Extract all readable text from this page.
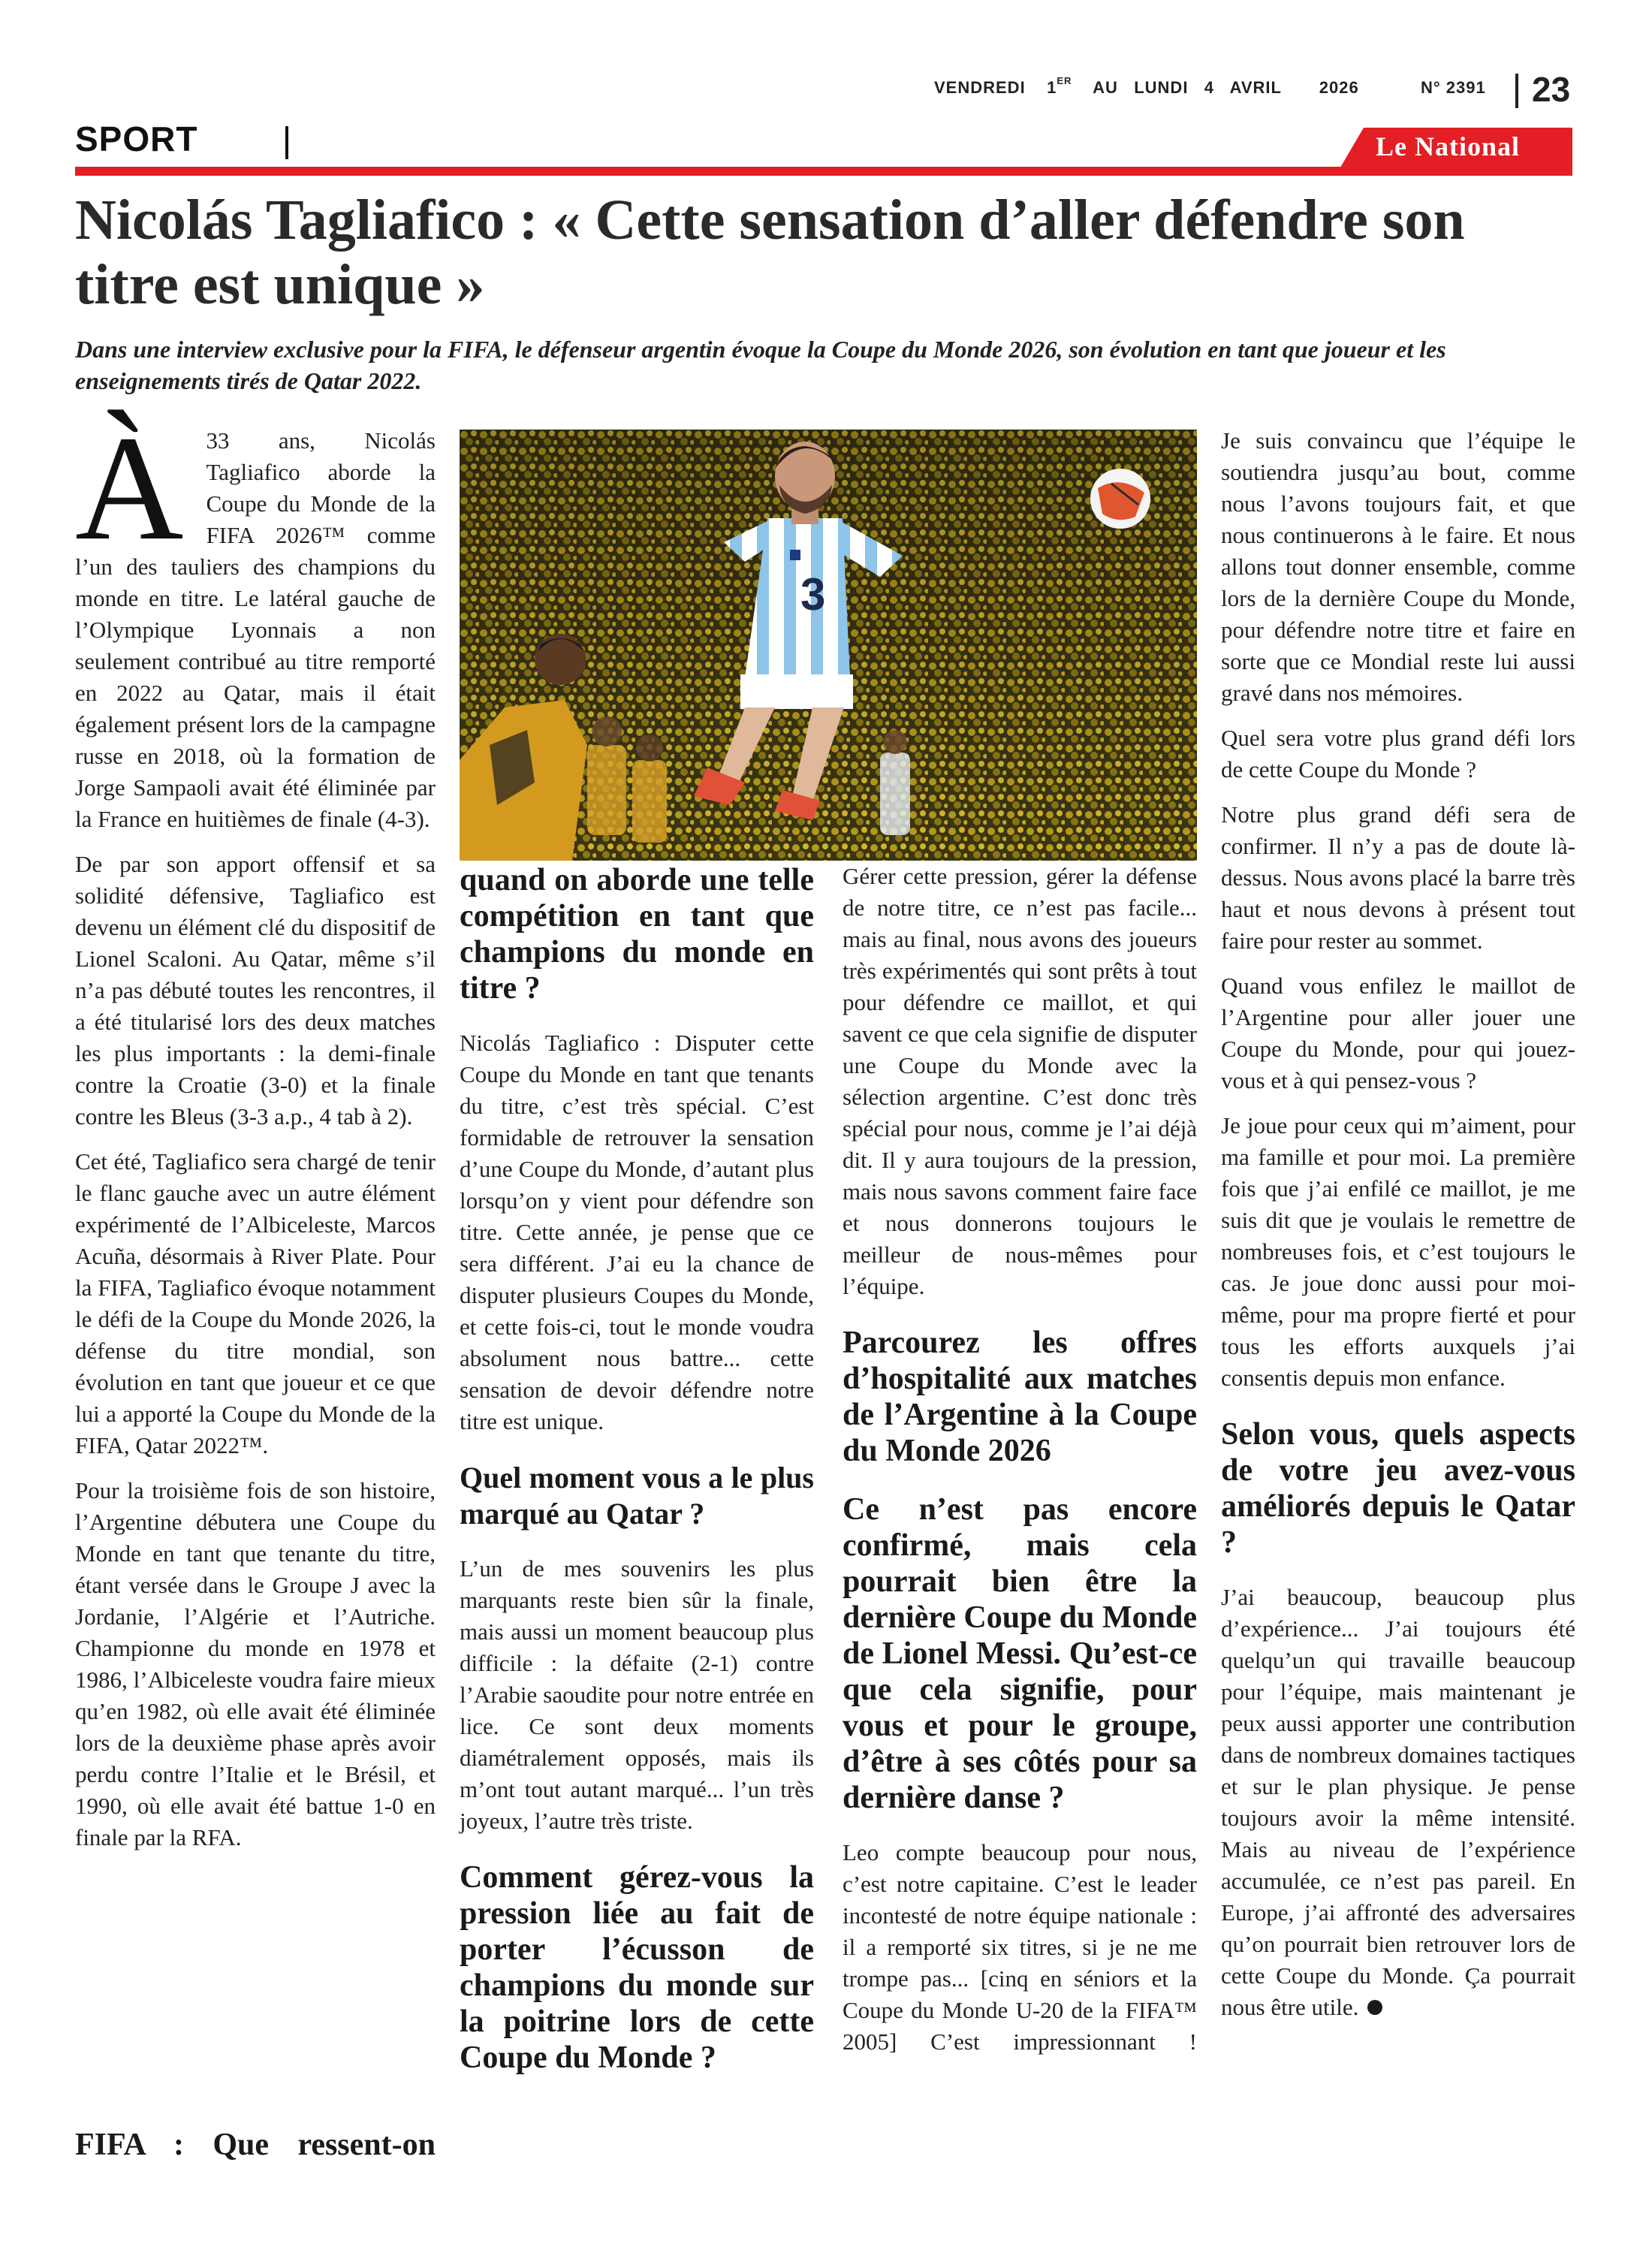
VENDREDI 1ER AU LUNDI 4 AVRIL 2026	N° 2391 23
SPORT	Le National
Nicolás Tagliafico : « Cette sensation d’aller défendre son titre est unique »
Dans une interview exclusive pour la FIFA, le défenseur argentin évoque la Coupe du Monde 2026, son évolution en tant que joueur et les enseignements tirés de Qatar 2022.

À 33 ans, Nicolás Tagliafico aborde la Coupe du Monde de la FIFA 2026™ comme l’un des tauliers des champions du monde en titre. Le latéral gauche de l’Olympique Lyonnais a non seulement contribué au titre remporté en 2022 au Qatar, mais il était également présent lors de la campagne russe en 2018, où la formation de Jorge Sampaoli avait été éliminée par la France en huitièmes de finale (4-3).

De par son apport offensif et sa solidité défensive, Tagliafico est devenu un élément clé du dispositif de Lionel Scaloni. Au Qatar, même s’il n’a pas débuté toutes les rencontres, il a été titularisé lors des deux matches les plus importants : la demi-finale contre la Croatie (3-0) et la finale contre les Bleus (3-3 a.p., 4 tab à 2).

Cet été, Tagliafico sera chargé de tenir le flanc gauche avec un autre élément expérimenté de l’Albiceleste, Marcos Acuña, désormais à River Plate. Pour la FIFA, Tagliafico évoque notamment le défi de la Coupe du Monde 2026, la défense du titre mondial, son évolution en tant que joueur et ce que lui a apporté la Coupe du Monde de la FIFA, Qatar 2022™.

Pour la troisième fois de son histoire, l’Argentine débutera une Coupe du Monde en tant que tenante du titre, étant versée dans le Groupe J avec la Jordanie, l’Algérie et l’Autriche. Championne du monde en 1978 et 1986, l’Albiceleste voudra faire mieux qu’en 1982, où elle avait été éliminée lors de la deuxième phase après avoir perdu contre l’Italie et le Brésil, et 1990, où elle avait été battue 1-0 en finale par la RFA.

FIFA : Que ressent-on
3
quand on aborde une telle compétition en tant que champions du monde en titre ?

Nicolás Tagliafico : Disputer cette Coupe du Monde en tant que tenants du titre, c’est très spécial. C’est formidable de retrouver la sensation d’une Coupe du Monde, d’autant plus lorsqu’on y vient pour défendre son titre. Cette année, je pense que ce sera différent. J’ai eu la chance de disputer plusieurs Coupes du Monde, et cette fois-ci, tout le monde voudra absolument nous battre... cette sensation de devoir défendre notre titre est unique.

Quel moment vous a le plus marqué au Qatar ?

L’un de mes souvenirs les plus marquants reste bien sûr la finale, mais aussi un moment beaucoup plus difficile : la défaite (2-1) contre l’Arabie saoudite pour notre entrée en lice. Ce sont deux moments diamétralement opposés, mais ils m’ont tout autant marqué... l’un très joyeux, l’autre très triste.

Comment gérez-vous la pression liée au fait de porter l’écusson de champions du monde sur la poitrine lors de cette Coupe du Monde ?

Gérer cette pression, gérer la défense de notre titre, ce n’est pas facile... mais au final, nous avons des joueurs très expérimentés qui sont prêts à tout pour défendre ce maillot, et qui savent ce que cela signifie de disputer une Coupe du Monde avec la sélection argentine. C’est donc très spécial pour nous, comme je l’ai déjà dit. Il y aura toujours de la pression, mais nous savons comment faire face et nous donnerons toujours le meilleur de nous-mêmes pour l’équipe.

Parcourez les offres d’hospitalité aux matches de l’Argentine à la Coupe du Monde 2026
Ce n’est pas encore confirmé, mais cela pourrait bien être la dernière Coupe du Monde de Lionel Messi. Qu’est-ce que cela signifie, pour vous et pour le groupe, d’être à ses côtés pour sa dernière danse ?

Leo compte beaucoup pour nous, c’est notre capitaine. C’est le leader incontesté de notre équipe nationale : il a remporté six titres, si je ne me trompe pas... [cinq en séniors et la Coupe du Monde U-20 de la FIFA™ 2005] C’est impressionnant !

Je suis convaincu que l’équipe le soutiendra jusqu’au bout, comme nous l’avons toujours fait, et que nous continuerons à le faire. Et nous allons tout donner ensemble, comme lors de la dernière Coupe du Monde, pour défendre notre titre et faire en sorte que ce Mondial reste lui aussi gravé dans nos mémoires.

Quel sera votre plus grand défi lors de cette Coupe du Monde ?

Notre plus grand défi sera de confirmer. Il n’y a pas de doute là-dessus. Nous avons placé la barre très haut et nous devons à présent tout faire pour rester au sommet.

Quand vous enfilez le maillot de l’Argentine pour aller jouer une Coupe du Monde, pour qui jouez-vous et à qui pensez-vous ?

Je joue pour ceux qui m’aiment, pour ma famille et pour moi. La première fois que j’ai enfilé ce maillot, je me suis dit que je voulais le remettre de nombreuses fois, et c’est toujours le cas. Je joue donc aussi pour moi-même, pour ma propre fierté et pour tous les efforts auxquels j’ai consentis depuis mon enfance.

Selon vous, quels aspects de votre jeu avez-vous améliorés depuis le Qatar ?

J’ai beaucoup, beaucoup plus d’expérience... J’ai toujours été quelqu’un qui travaille beaucoup pour l’équipe, mais maintenant je peux aussi apporter une contribution dans de nombreux domaines tactiques et sur le plan physique. Je pense toujours avoir la même intensité. Mais au niveau de l’expérience accumulée, ce n’est pas pareil. En Europe, j’ai affronté des adversaires qu’on pourrait bien retrouver lors de cette Coupe du Monde. Ça pourrait nous être utile.
